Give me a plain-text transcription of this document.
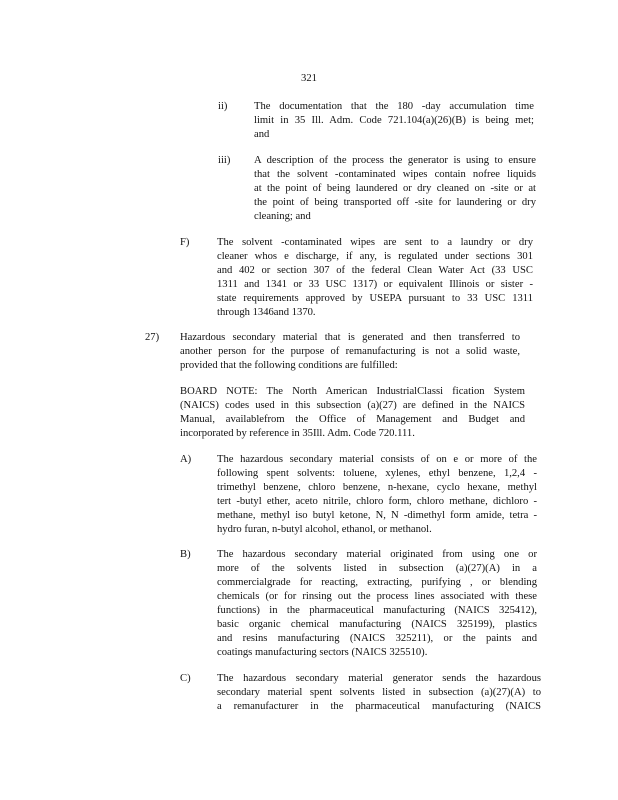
321
ii)	The documentation that the 180 -day accumulation time
limit in 35 Ill. Adm. Code 721.104(a)(26)(B) is being met;
and
iii) A description of the process the generator is using to ensure
that the solvent -contaminated wipes contain nofree liquids
at the point of being laundered or dry cleaned on -site or at
the point of being transported off -site for laundering or dry
cleaning; and
F)	The solvent -contaminated wipes are sent to a laundry or dry
cleaner whos e discharge, if any, is regulated under sections 301
and 402 or section 307 of the federal Clean Water Act (33 USC
1311 and 1341 or 33 USC 1317) or equivalent Illinois or sister -
state requirements approved by USEPA pursuant to 33 USC 1311
through 1346and 1370.
27) Hazardous secondary material that is generated and then transferred to
another person for the purpose of remanufacturing is not a solid waste,
provided that the following conditions are fulfilled:
BOARD NOTE: The North American IndustrialClassi fication System
(NAICS) codes used in this subsection (a)(27) are defined in the NAICS
Manual, availablefrom the Office of Management and Budget and
incorporated by reference in 35Ill. Adm. Code 720.111.
A) The hazardous secondary material consists of on e or more of the
following spent solvents: toluene, xylenes, ethyl benzene, 1,2,4 -
trimethyl benzene, chloro benzene, n-hexane, cyclo hexane, methyl
tert -butyl ether, aceto nitrile, chloro form, chloro methane, dichloro -
methane, methyl iso butyl ketone, N, N -dimethyl form amide, tetra -
hydro furan, n-butyl alcohol, ethanol, or methanol.
B) The hazardous secondary material originated from using one or
more of the solvents listed in subsection (a)(27)(A) in a
commercialgrade for reacting, extracting, purifying , or blending
chemicals (or for rinsing out the process lines associated with these
functions) in the pharmaceutical manufacturing (NAICS 325412),
basic organic chemical manufacturing (NAICS 325199), plastics
and resins manufacturing (NAICS 325211), or the paints and
coatings manufacturing sectors (NAICS 325510).
C) The hazardous secondary material generator sends the hazardous
secondary material spent solvents listed in subsection (a)(27)(A) to
a remanufacturer in the pharmaceutical manufacturing (NAICS
